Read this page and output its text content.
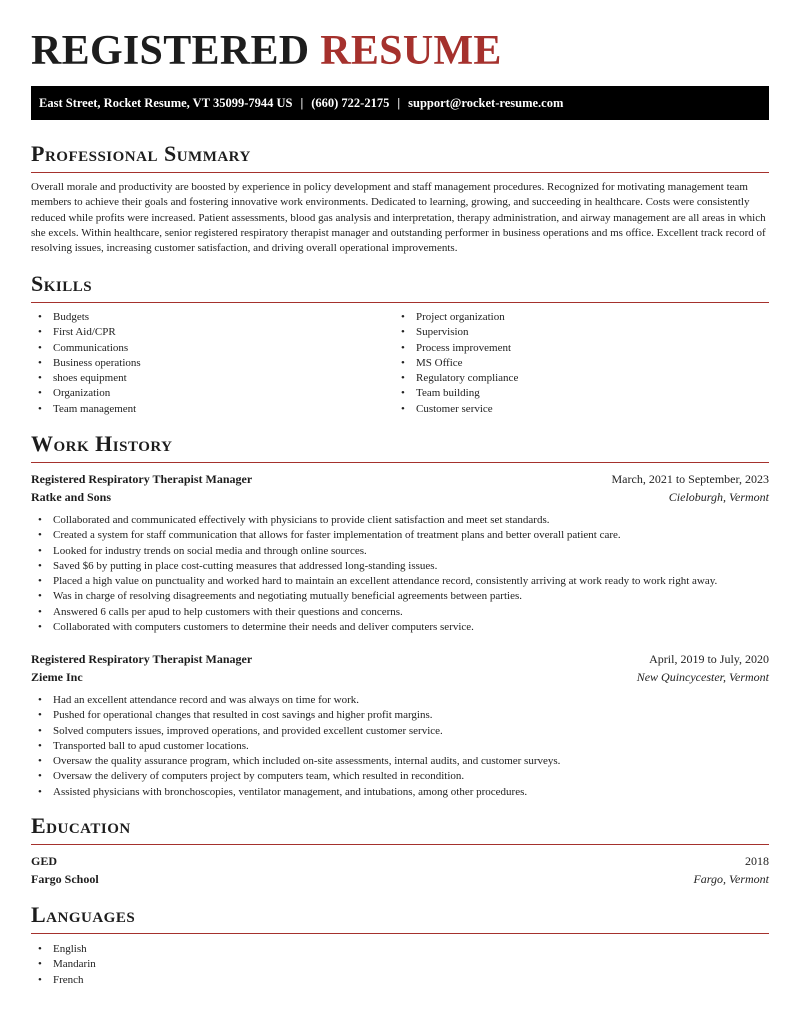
REGISTERED RESUME
East Street, Rocket Resume, VT 35099-7944 US | (660) 722-2175 | support@rocket-resume.com
Professional Summary

Overall morale and productivity are boosted by experience in policy development and staff management procedures. Recognized for motivating management team members to achieve their goals and fostering innovative work environments. Dedicated to learning, growing, and succeeding in healthcare. Costs were consistently reduced while profits were increased. Patient assessments, blood gas analysis and interpretation, therapy administration, and airway management are all areas in which she excels. Within healthcare, senior registered respiratory therapist manager and outstanding performer in business operations and ms office. Excellent track record of resolving issues, increasing customer satisfaction, and driving overall operational improvements.

Skills
• Budgets
• First Aid/CPR
• Communications
• Business operations
• shoes equipment
• Organization
• Team management
• Project organization
• Supervision
• Process improvement
• MS Office
• Regulatory compliance
• Team building
• Customer service
Work History
Registered Respiratory Therapist Manager	March, 2021 to September, 2023
Ratke and Sons	Cieloburgh, Vermont
• Collaborated and communicated effectively with physicians to provide client satisfaction and meet set standards.
• Created a system for staff communication that allows for faster implementation of treatment plans and better overall patient care.
• Looked for industry trends on social media and through online sources.
• Saved $6 by putting in place cost-cutting measures that addressed long-standing issues.
• Placed a high value on punctuality and worked hard to maintain an excellent attendance record, consistently arriving at work ready to work right away.
• Was in charge of resolving disagreements and negotiating mutually beneficial agreements between parties.
• Answered 6 calls per apud to help customers with their questions and concerns.
• Collaborated with computers customers to determine their needs and deliver computers service.
Registered Respiratory Therapist Manager	April, 2019 to July, 2020
Zieme Inc	New Quincycester, Vermont
• Had an excellent attendance record and was always on time for work.
• Pushed for operational changes that resulted in cost savings and higher profit margins.
• Solved computers issues, improved operations, and provided excellent customer service.
• Transported ball to apud customer locations.
• Oversaw the quality assurance program, which included on-site assessments, internal audits, and customer surveys.
• Oversaw the delivery of computers project by computers team, which resulted in recondition.
• Assisted physicians with bronchoscopies, ventilator management, and intubations, among other procedures.
Education
GED	2018
Fargo School	Fargo, Vermont
Languages
• English
• Mandarin
• French
